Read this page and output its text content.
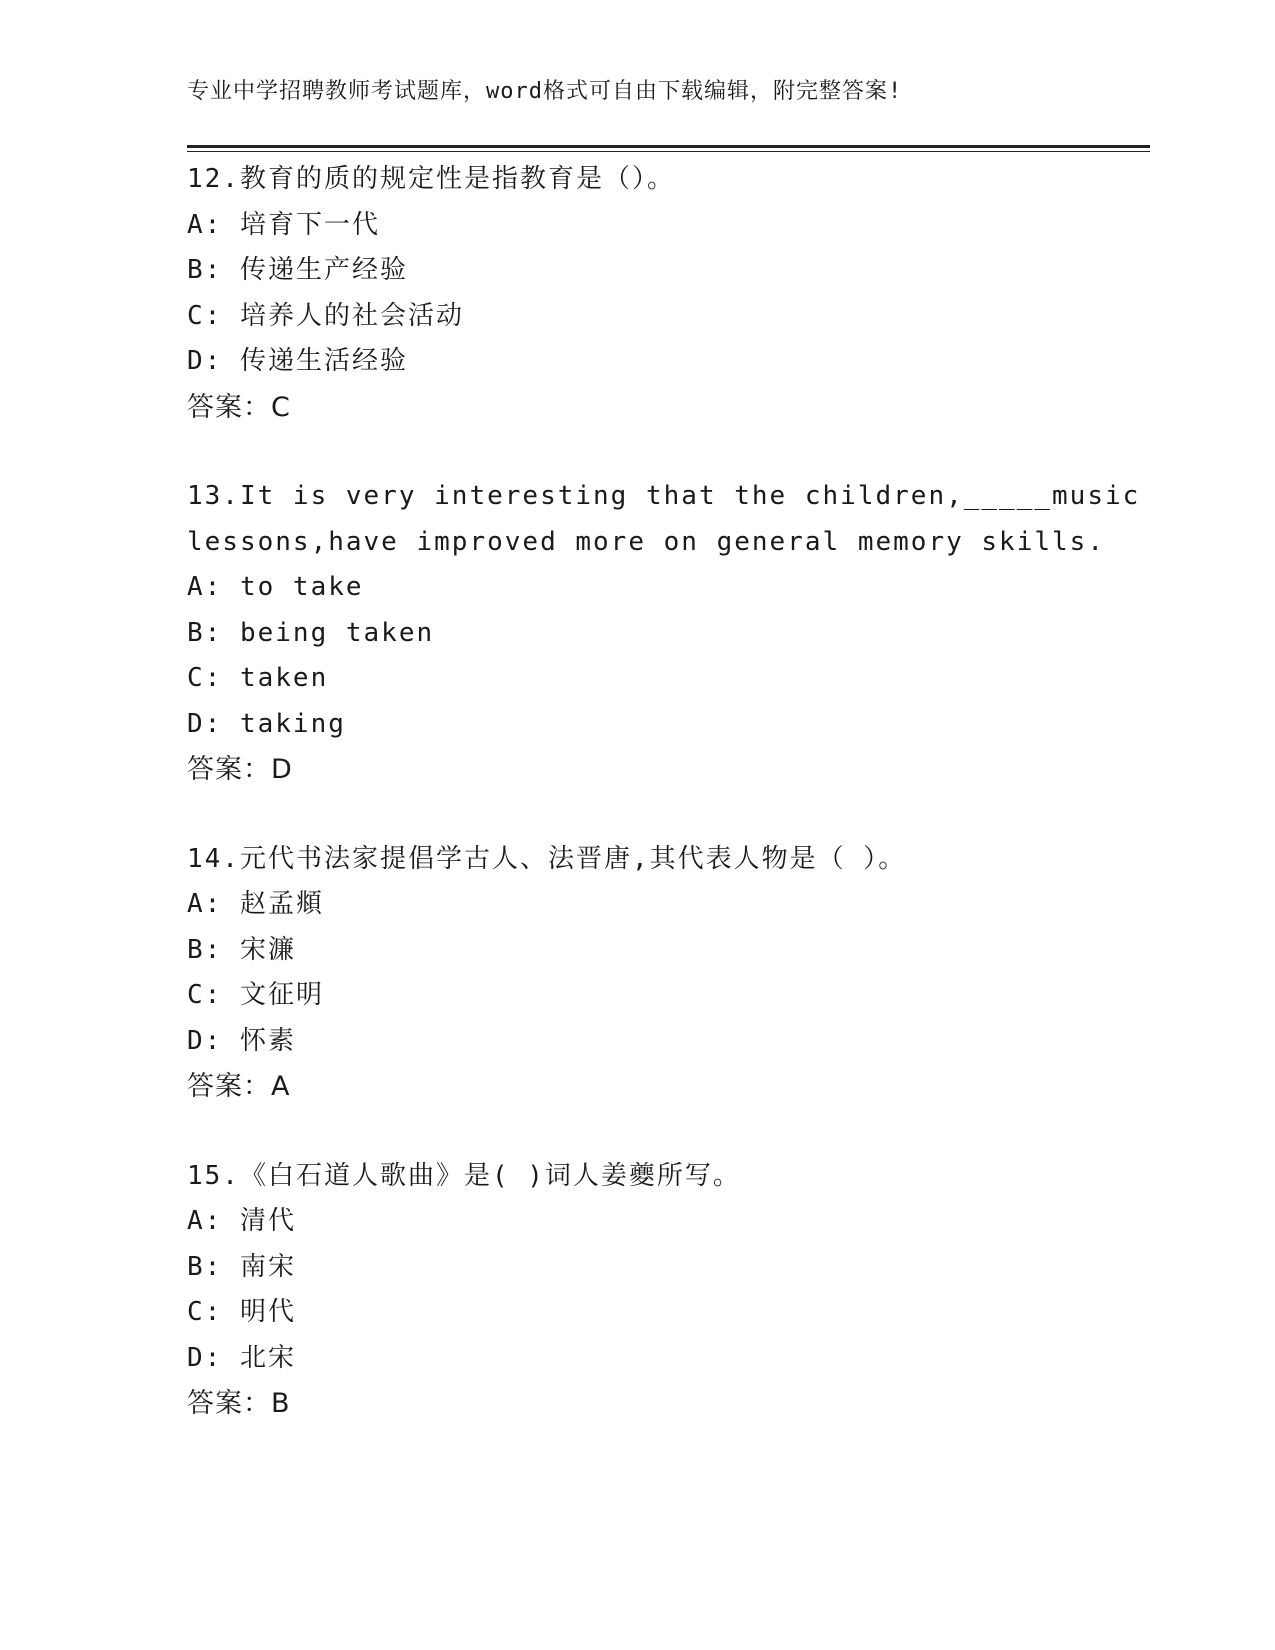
专业中学招聘教师考试题库，word格式可自由下载编辑，附完整答案!
12.教育的质的规定性是指教育是（）。
A: 培育下一代
B: 传递生产经验
C: 培养人的社会活动
D: 传递生活经验
答案：C
13.It is very interesting that the children,_____music
lessons,have improved more on general memory skills.
A: to take
B: being taken
C: taken
D: taking
答案：D
14.元代书法家提倡学古人、法晋唐,其代表人物是（ ）。
A: 赵孟頫
B: 宋濂
C: 文征明
D: 怀素
答案：A
15.《白石道人歌曲》是( )词人姜夔所写。
A: 清代
B: 南宋
C: 明代
D: 北宋
答案：B
